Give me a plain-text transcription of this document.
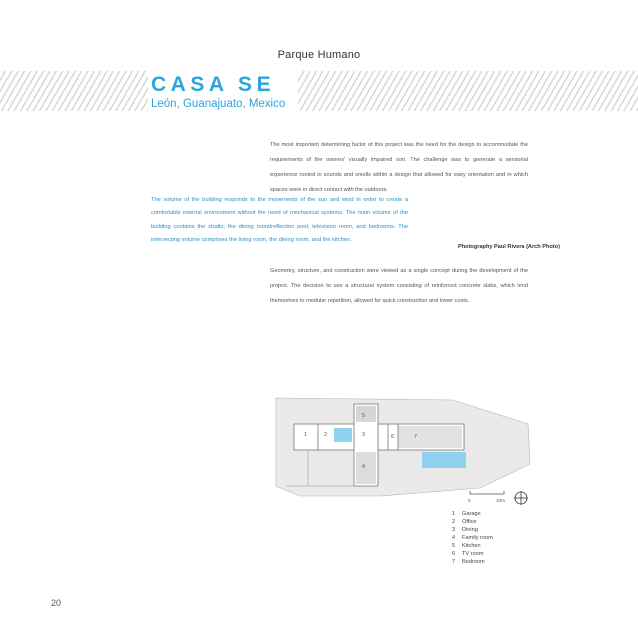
Parque Humano
CASA SE
León, Guanajuato, Mexico

The most important determining factor of this project was the need for the design to accommodate the requirements of the owners' visually impaired son. The challenge was to generate a sensorial experience rooted in sounds and smells within a design that allowed for easy orientation and in which spaces were in direct contact with the outdoors.

The volume of the building responds to the movements of the sun and wind in order to create a comfortable internal environment without the need of mechanical systems. The main volume of the building contains the studio, the dining room/reflection pool, television room, and bedrooms. The intersecting volume comprises the living room, the dining room, and the kitchen.

Photography Paul Rivera (Arch Photo)

Geometry, structure, and construction were viewed as a single concept during the development of the project. The decision to use a structural system consisting of reinforced concrete slabs, which lend themselves to modular repetition, allowed for quick construction and lower costs.

1	2	3
4
5
6	7
0	10m
1	Garage
2	Office
3	Dining
4	Family room
5	Kitchen
6	TV room
7	Bedroom
20
